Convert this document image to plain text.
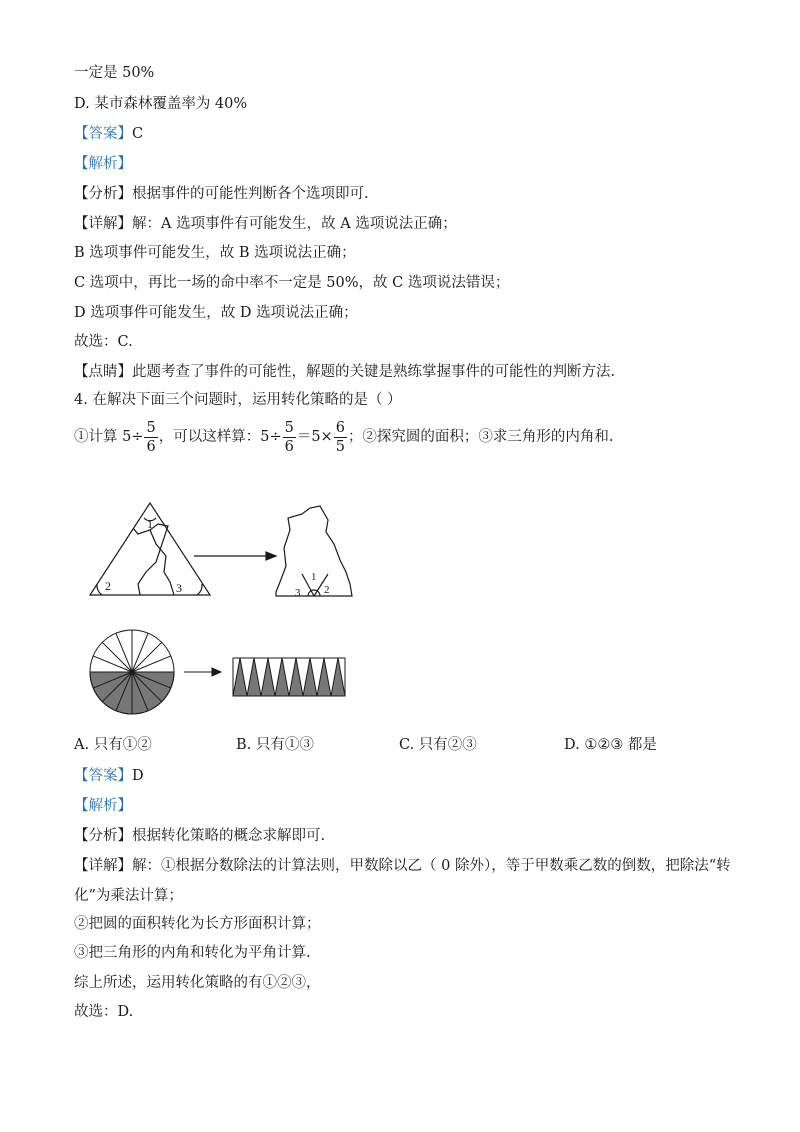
一定是 50%
D. 某市森林覆盖率为 40%
【答案】C
【解析】
【分析】根据事件的可能性判断各个选项即可.
【详解】解：A 选项事件有可能发生，故 A 选项说法正确；
B 选项事件可能发生，故 B 选项说法正确；
C 选项中，再比一场的命中率不一定是 50%，故 C 选项说法错误；
D 选项事件可能发生，故 D 选项说法正确；
故选：C.
【点睛】此题考查了事件的可能性，解题的关键是熟练掌握事件的可能性的判断方法.
4. 在解决下面三个问题时，运用转化策略的是（ ）
①计算 $5\div \frac{5}{6}$ ，可以这样算：$5\div \frac{5}{6} =5\times \frac{6}{5}$ ；②探究圆的面积；③求三角形的内角和.
1
2	3
1
3 2
A. 只有①②	B. 只有①③	C. 只有②③	D. ①②③ 都是
【答案】D
【解析】
【分析】根据转化策略的概念求解即可.
【详解】解：①根据分数除法的计算法则，甲数除以乙（ 0 除外），等于甲数乘乙数的倒数，把除法“转
化”为乘法计算；
②把圆的面积转化为长方形面积计算；
③把三角形的内角和转化为平角计算.
综上所述，运用转化策略的有①②③，
故选：D.
